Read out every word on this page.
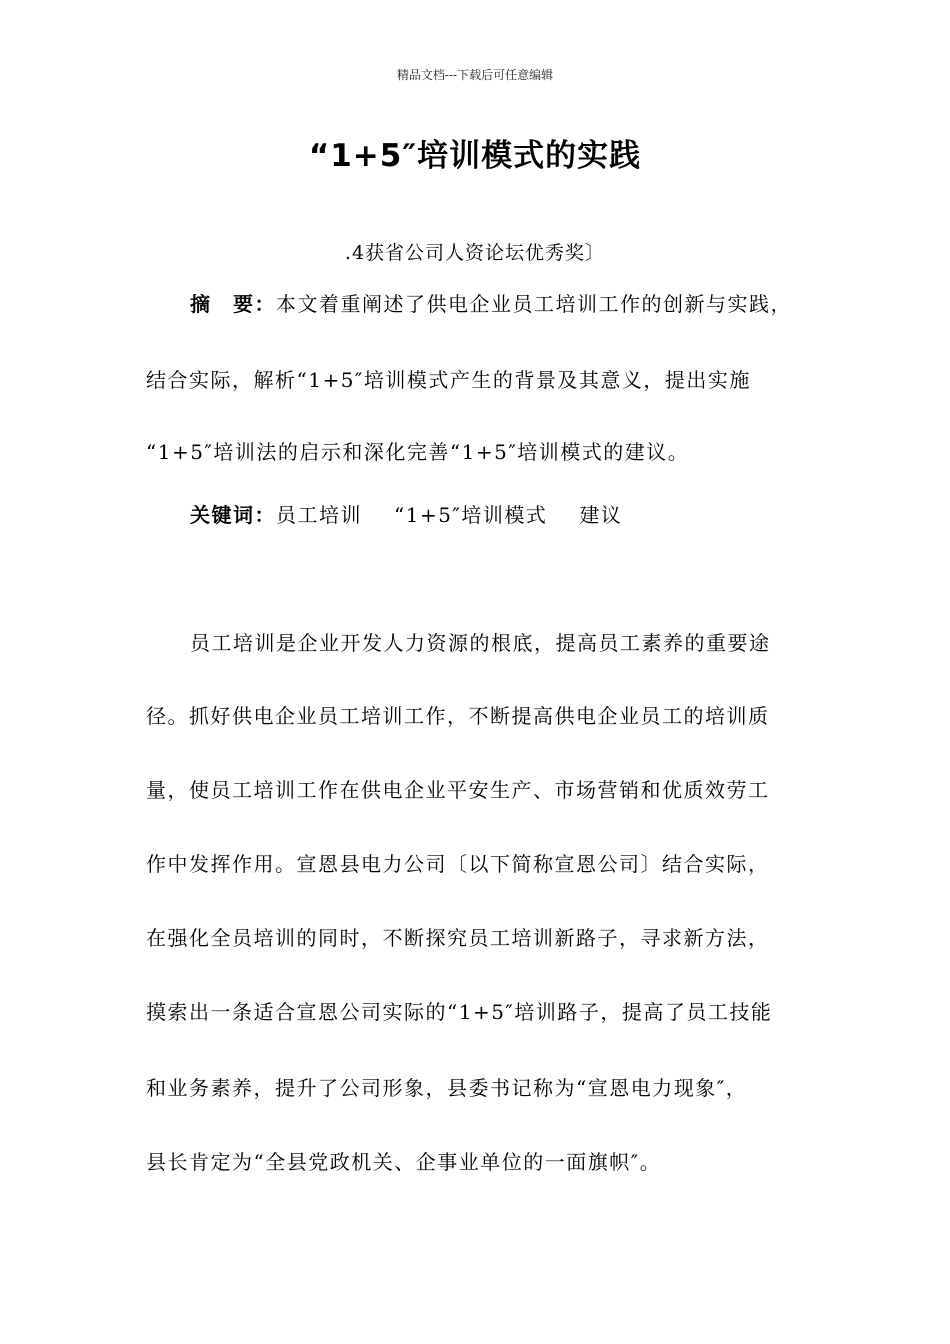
精品文档---下载后可任意编辑
“1+5″培训模式的实践
.4获省公司人资论坛优秀奖〕
摘　要：本文着重阐述了供电企业员工培训工作的创新与实践，
结合实际，解析“1+5″培训模式产生的背景及其意义，提出实施
“1+5″培训法的启示和深化完善“1+5″培训模式的建议。
关键词：员工培训 “1+5″培训模式 建议
员工培训是企业开发人力资源的根底，提高员工素养的重要途
径。抓好供电企业员工培训工作，不断提高供电企业员工的培训质
量，使员工培训工作在供电企业平安生产、市场营销和优质效劳工
作中发挥作用。宣恩县电力公司〔以下简称宣恩公司〕结合实际，
在强化全员培训的同时，不断探究员工培训新路子，寻求新方法，
摸索出一条适合宣恩公司实际的“1+5″培训路子，提高了员工技能
和业务素养，提升了公司形象，县委书记称为“宣恩电力现象″，
县长肯定为“全县党政机关、企事业单位的一面旗帜″。
